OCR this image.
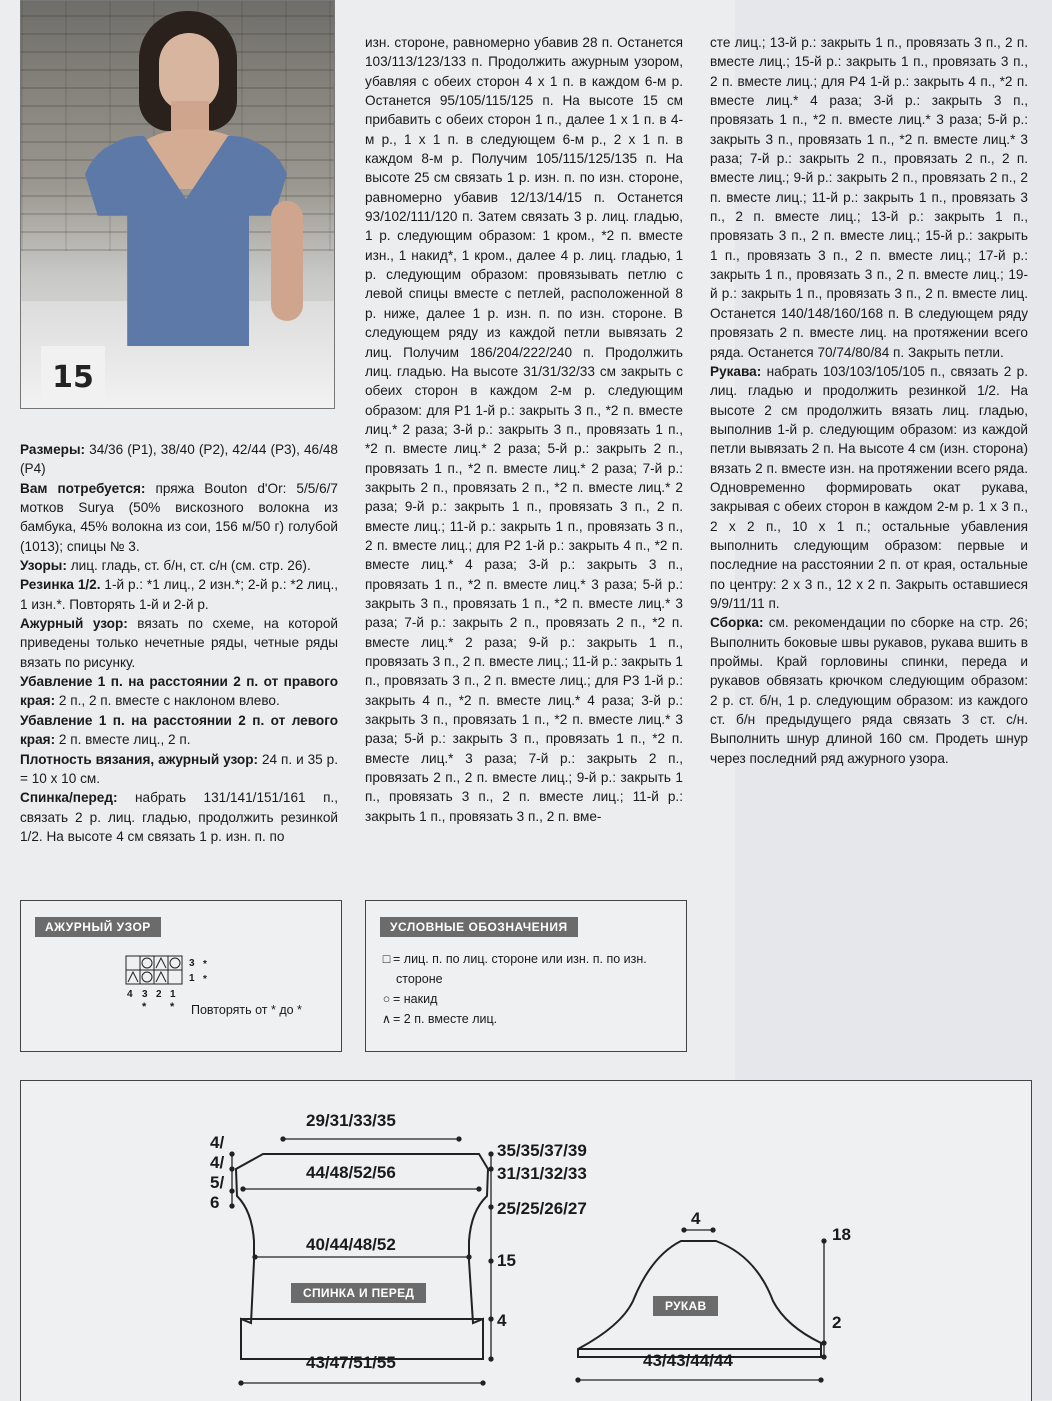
15

Размеры: 34/36 (Р1), 38/40 (Р2), 42/44 (Р3), 46/48 (Р4)

Вам потребуется: пряжа Bouton d'Or: 5/5/6/7 мотков Surya (50% вискозного волокна из бамбука, 45% волокна из сои, 156 м/50 г) голубой (1013); спицы № 3.

Узоры: лиц. гладь, ст. б/н, ст. с/н (см. стр. 26).

Резинка 1/2. 1-й р.: *1 лиц., 2 изн.*; 2-й р.: *2 лиц., 1 изн.*. Повторять 1-й и 2-й р.

Ажурный узор: вязать по схеме, на которой приведены только нечетные ряды, четные ряды вязать по рисунку.

Убавление 1 п. на расстоянии 2 п. от правого края: 2 п., 2 п. вместе с наклоном влево.

Убавление 1 п. на расстоянии 2 п. от левого края: 2 п. вместе лиц., 2 п.

Плотность вязания, ажурный узор: 24 п. и 35 р. = 10 х 10 см.

Спинка/перед: набрать 131/141/151/161 п., связать 2 р. лиц. гладью, продолжить резинкой 1/2. На высоте 4 см связать 1 р. изн. п. по

изн. стороне, равномерно убавив 28 п. Останется 103/113/123/133 п. Продолжить ажурным узором, убавляя с обеих сторон 4 х 1 п. в каждом 6-м р. Останется 95/105/115/125 п. На высоте 15 см прибавить с обеих сторон 1 п., далее 1 х 1 п. в 4-м р., 1 х 1 п. в следующем 6-м р., 2 х 1 п. в каждом 8-м р. Получим 105/115/125/135 п. На высоте 25 см связать 1 р. изн. п. по изн. стороне, равномерно убавив 12/13/14/15 п. Останется 93/102/111/120 п. Затем связать 3 р. лиц. гладью, 1 р. следующим образом: 1 кром., *2 п. вместе изн., 1 накид*, 1 кром., далее 4 р. лиц. гладью, 1 р. следующим образом: провязывать петлю с левой спицы вместе с петлей, расположенной 8 р. ниже, далее 1 р. изн. п. по изн. стороне. В следующем ряду из каждой петли вывязать 2 лиц. Получим 186/204/222/240 п. Продолжить лиц. гладью. На высоте 31/31/32/33 см закрыть с обеих сторон в каждом 2-м р. следующим образом: для Р1 1-й р.: закрыть 3 п., *2 п. вместе лиц.* 2 раза; 3-й р.: закрыть 3 п., провязать 1 п., *2 п. вместе лиц.* 2 раза; 5-й р.: закрыть 2 п., провязать 1 п., *2 п. вместе лиц.* 2 раза; 7-й р.: закрыть 2 п., провязать 2 п., *2 п. вместе лиц.* 2 раза; 9-й р.: закрыть 1 п., провязать 3 п., 2 п. вместе лиц.; 11-й р.: закрыть 1 п., провязать 3 п., 2 п. вместе лиц.; для Р2 1-й р.: закрыть 4 п., *2 п. вместе лиц.* 4 раза; 3-й р.: закрыть 3 п., провязать 1 п., *2 п. вместе лиц.* 3 раза; 5-й р.: закрыть 3 п., провязать 1 п., *2 п. вместе лиц.* 3 раза; 7-й р.: закрыть 2 п., провязать 2 п., *2 п. вместе лиц.* 2 раза; 9-й р.: закрыть 1 п., провязать 3 п., 2 п. вместе лиц.; 11-й р.: закрыть 1 п., провязать 3 п., 2 п. вместе лиц.; для Р3 1-й р.: закрыть 4 п., *2 п. вместе лиц.* 4 раза; 3-й р.: закрыть 3 п., провязать 1 п., *2 п. вместе лиц.* 3 раза; 5-й р.: закрыть 3 п., провязать 1 п., *2 п. вместе лиц.* 3 раза; 7-й р.: закрыть 2 п., провязать 2 п., 2 п. вместе лиц.; 9-й р.: закрыть 1 п., провязать 3 п., 2 п. вместе лиц.; 11-й р.: закрыть 1 п., провязать 3 п., 2 п. вме-

сте лиц.; 13-й р.: закрыть 1 п., провязать 3 п., 2 п. вместе лиц.; 15-й р.: закрыть 1 п., провязать 3 п., 2 п. вместе лиц.; для Р4 1-й р.: закрыть 4 п., *2 п. вместе лиц.* 4 раза; 3-й р.: закрыть 3 п., провязать 1 п., *2 п. вместе лиц.* 3 раза; 5-й р.: закрыть 3 п., провязать 1 п., *2 п. вместе лиц.* 3 раза; 7-й р.: закрыть 2 п., провязать 2 п., 2 п. вместе лиц.; 9-й р.: закрыть 2 п., провязать 2 п., 2 п. вместе лиц.; 11-й р.: закрыть 1 п., провязать 3 п., 2 п. вместе лиц.; 13-й р.: закрыть 1 п., провязать 3 п., 2 п. вместе лиц.; 15-й р.: закрыть 1 п., провязать 3 п., 2 п. вместе лиц.; 17-й р.: закрыть 1 п., провязать 3 п., 2 п. вместе лиц.; 19-й р.: закрыть 1 п., провязать 3 п., 2 п. вместе лиц. Останется 140/148/160/168 п. В следующем ряду провязать 2 п. вместе лиц. на протяжении всего ряда. Останется 70/74/80/84 п. Закрыть петли.

Рукава: набрать 103/103/105/105 п., связать 2 р. лиц. гладью и продолжить резинкой 1/2. На высоте 2 см продолжить вязать лиц. гладью, выполнив 1-й р. следующим образом: из каждой петли вывязать 2 п. На высоте 4 см (изн. сторона) вязать 2 п. вместе изн. на протяжении всего ряда. Одновременно формировать окат рукава, закрывая с обеих сторон в каждом 2-м р. 1 х 3 п., 2 х 2 п., 10 х 1 п.; остальные убавления выполнить следующим образом: первые и последние на расстоянии 2 п. от края, остальные по центру: 2 х 3 п., 12 х 2 п. Закрыть оставшиеся 9/9/11/11 п.

Сборка: см. рекомендации по сборке на стр. 26; Выполнить боковые швы рукавов, рукава вшить в проймы. Край горловины спинки, переда и рукавов обвязать крючком следующим образом: 2 р. ст. б/н, 1 р. следующим образом: из каждого ст. б/н предыдущего ряда связать 3 ст. с/н. Выполнить шнур длиной 160 см. Продеть шнур через последний ряд ажурного узора.

АЖУРНЫЙ УЗОР
3 *
1 *
4 3 2 1
* * Повторять от * до *
УСЛОВНЫЕ ОБОЗНАЧЕНИЯ
□ = лиц. п. по лиц. стороне или изн. п. по изн.
стороне
○ = накид
∧ = 2 п. вместе лиц.
29/31/33/35
44/48/52/56
40/44/48/52
43/47/51/55
4/
4/
5/
6
35/35/37/39
31/31/32/33
25/25/26/27
15
4
СПИНКА И ПЕРЕД
4
18
2
43/43/44/44
РУКАВ
